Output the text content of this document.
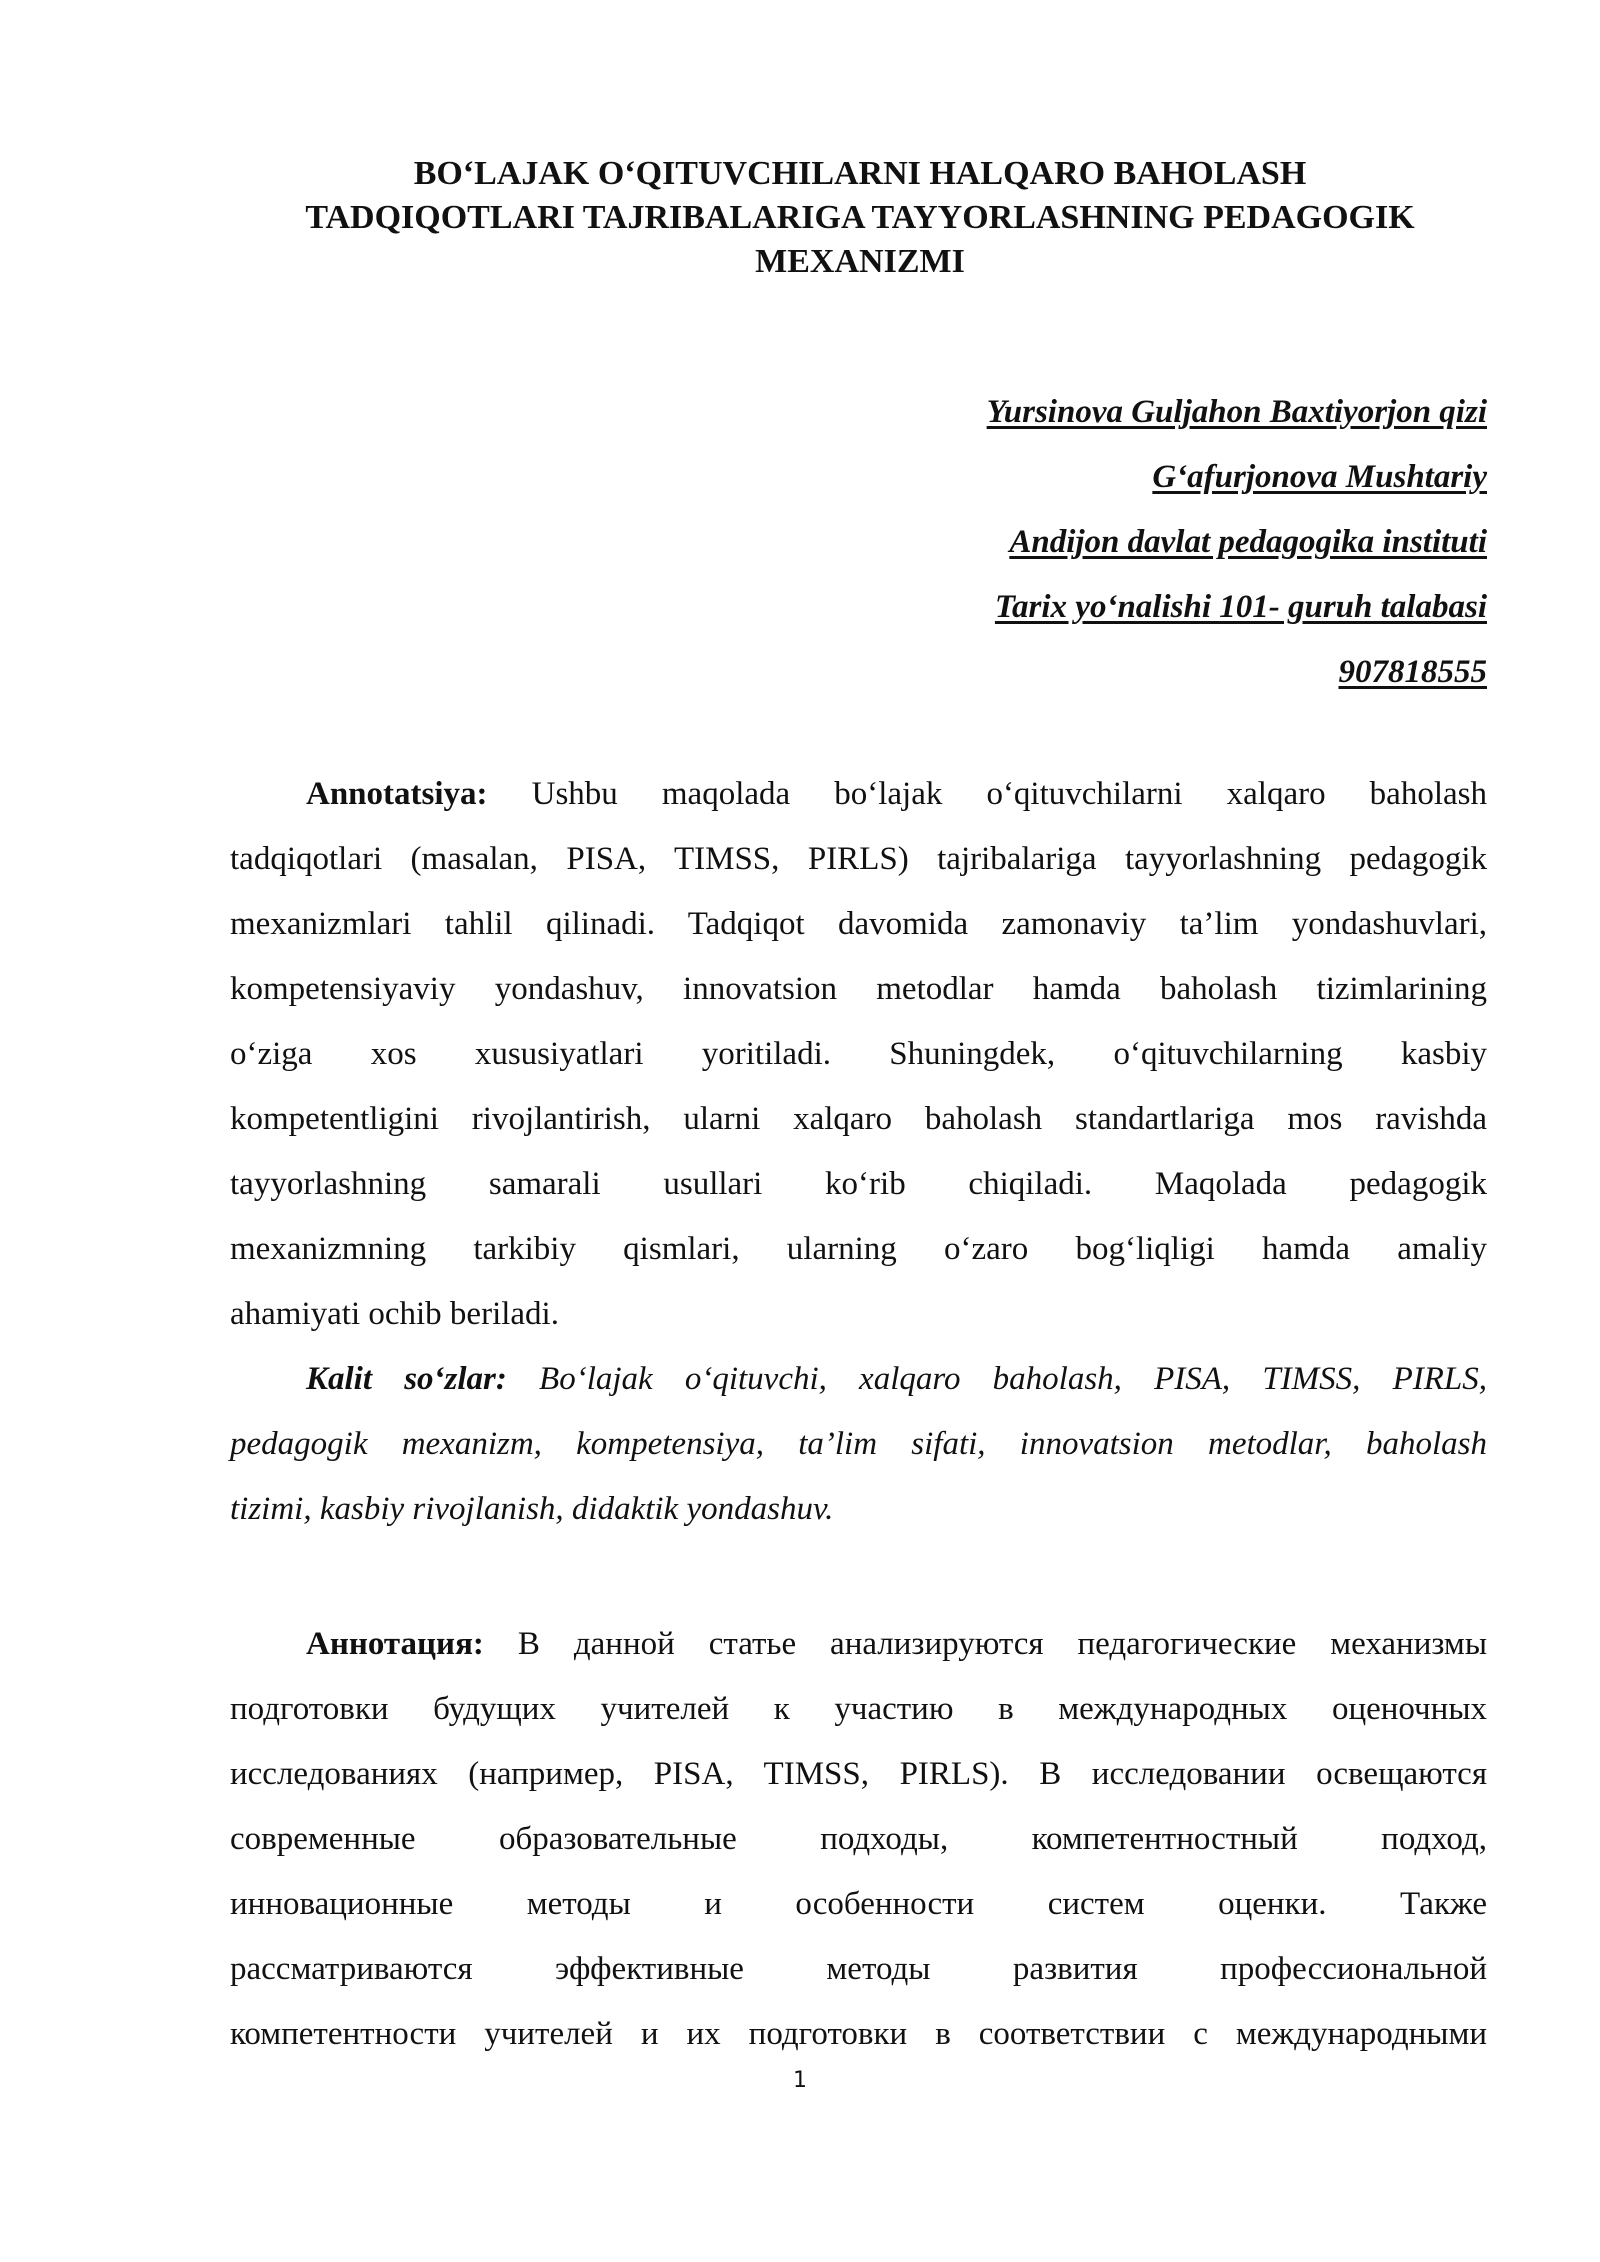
BO‘LAJAK O‘QITUVCHILARNI HALQARO BAHOLASH
TADQIQOTLARI TAJRIBALARIGA TAYYORLASHNING PEDAGOGIK
MEXANIZMI
Yursinova Guljahon Baxtiyorjon qizi
G‘afurjonova Mushtariy
Andijon davlat pedagogika instituti
Tarix yo‘nalishi 101- guruh talabasi
907818555
Annotatsiya: Ushbu maqolada bo‘lajak o‘qituvchilarni xalqaro baholash
tadqiqotlari (masalan, PISA, TIMSS, PIRLS) tajribalariga tayyorlashning pedagogik
mexanizmlari tahlil qilinadi. Tadqiqot davomida zamonaviy ta’lim yondashuvlari,
kompetensiyaviy yondashuv, innovatsion metodlar hamda baholash tizimlarining
o‘ziga xos xususiyatlari yoritiladi. Shuningdek, o‘qituvchilarning kasbiy
kompetentligini rivojlantirish, ularni xalqaro baholash standartlariga mos ravishda
tayyorlashning samarali usullari ko‘rib chiqiladi. Maqolada pedagogik
mexanizmning tarkibiy qismlari, ularning o‘zaro bog‘liqligi hamda amaliy
ahamiyati ochib beriladi.
Kalit so‘zlar: Bo‘lajak o‘qituvchi, xalqaro baholash, PISA, TIMSS, PIRLS,
pedagogik mexanizm, kompetensiya, ta’lim sifati, innovatsion metodlar, baholash
tizimi, kasbiy rivojlanish, didaktik yondashuv.
Аннотация: В данной статье анализируются педагогические механизмы
подготовки будущих учителей к участию в международных оценочных
исследованиях (например, PISA, TIMSS, PIRLS). В исследовании освещаются
современные образовательные подходы, компетентностный подход,
инновационные методы и особенности систем оценки. Также
рассматриваются эффективные методы развития профессиональной
компетентности учителей и их подготовки в соответствии с международными
1
